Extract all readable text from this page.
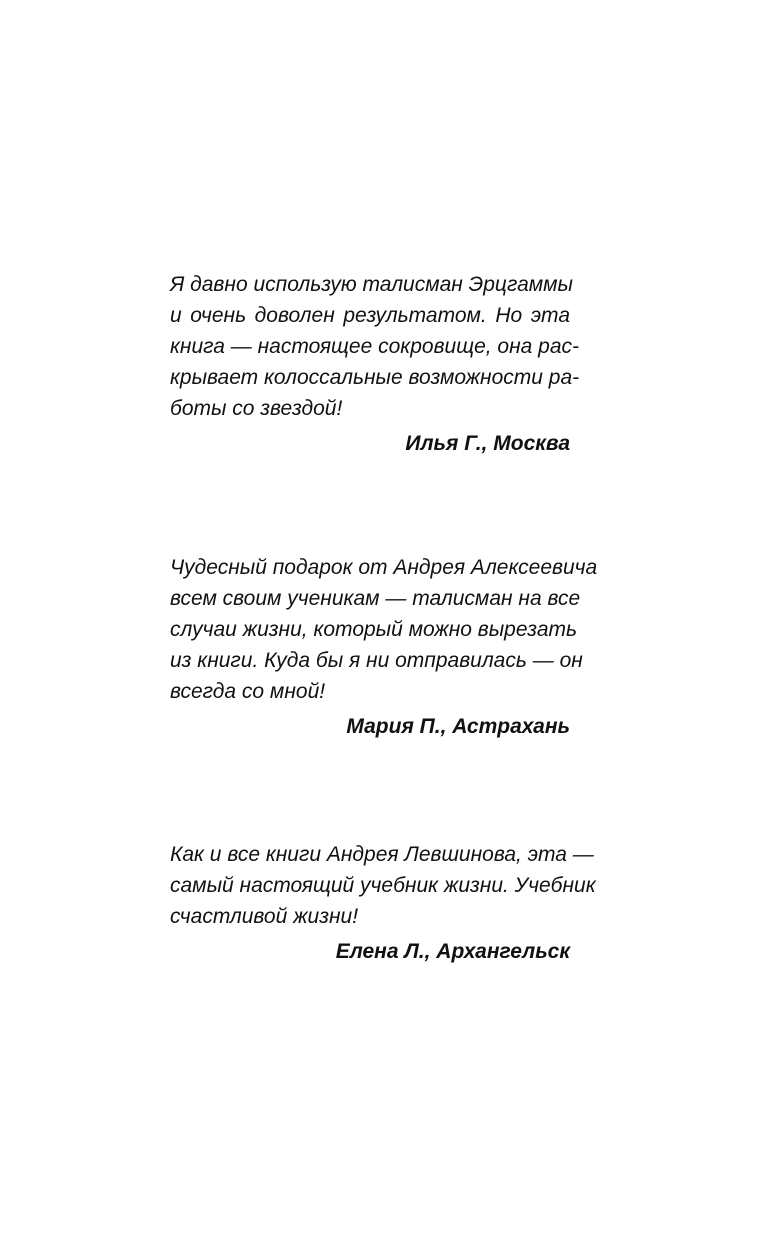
Я давно использую талисман Эрцгаммы
и очень доволен результатом. Но эта
книга — настоящее сокровище, она рас-
крывает колоссальные возможности ра-
боты со звездой!
Илья Г., Москва
Чудесный подарок от Андрея Алексеевича
всем своим ученикам — талисман на все
случаи жизни, который можно вырезать
из книги. Куда бы я ни отправилась — он
всегда со мной!
Мария П., Астрахань
Как и все книги Андрея Левшинова, эта —
самый настоящий учебник жизни. Учебник
счастливой жизни!
Елена Л., Архангельск
